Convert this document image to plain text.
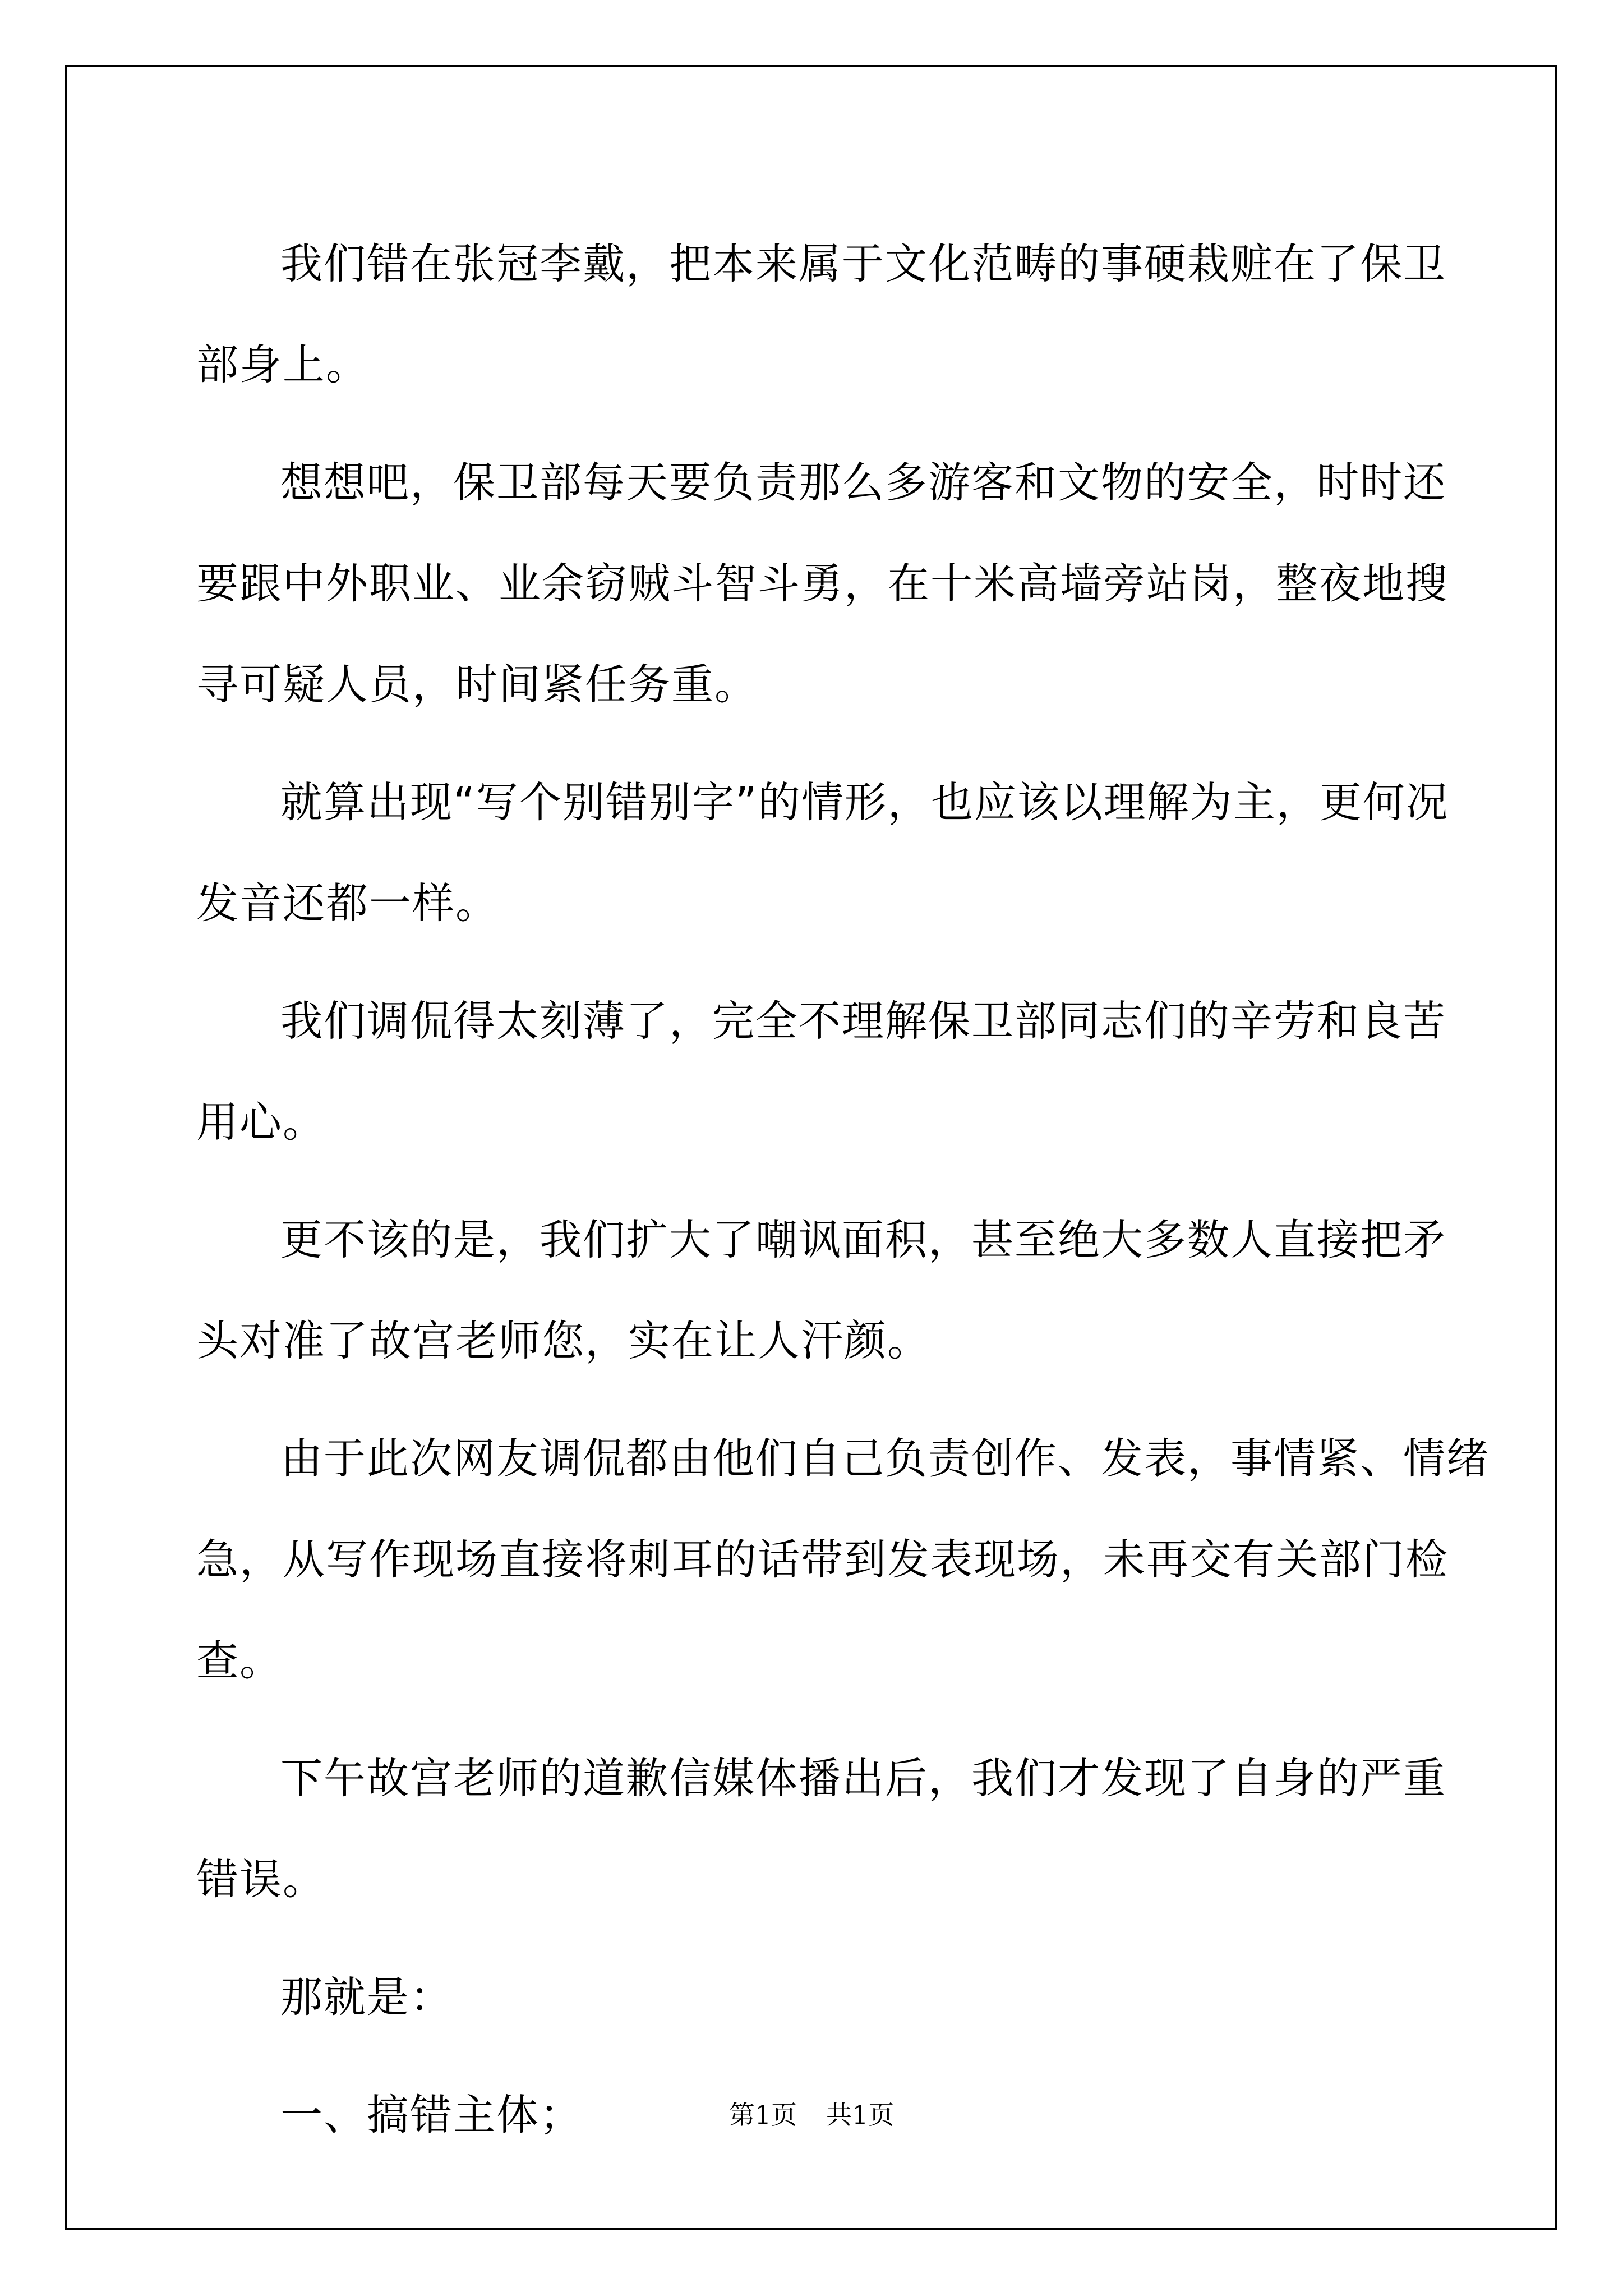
我们错在张冠李戴，把本来属于文化范畴的事硬栽赃在了保卫部身上。

想想吧，保卫部每天要负责那么多游客和文物的安全，时时还要跟中外职业、业余窃贼斗智斗勇，在十米高墙旁站岗，整夜地搜寻可疑人员，时间紧任务重。

就算出现“写个别错别字”的情形，也应该以理解为主，更何况发音还都一样。

我们调侃得太刻薄了，完全不理解保卫部同志们的辛劳和良苦用心。

更不该的是，我们扩大了嘲讽面积，甚至绝大多数人直接把矛头对准了故宫老师您，实在让人汗颜。

由于此次网友调侃都由他们自己负责创作、发表，事情紧、情绪急，从写作现场直接将刺耳的话带到发表现场，未再交有关部门检查。

下午故宫老师的道歉信媒体播出后，我们才发现了自身的严重错误。

那就是：

一、搞错主体；	第1页 共1页
